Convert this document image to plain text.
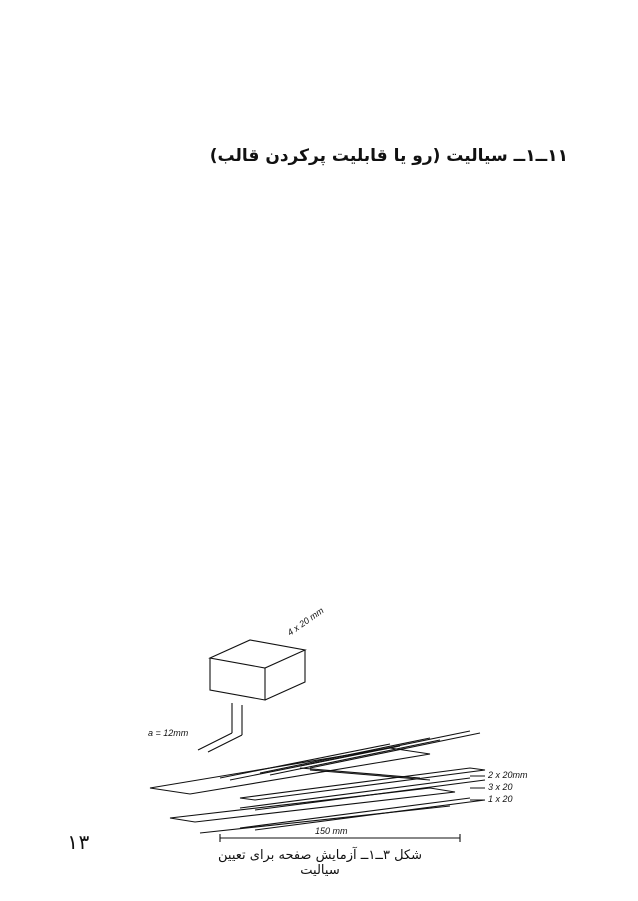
۱۱ــ۱ــ سیالیت (رو یا قابلیت پرکردن قالب)

4 x 20 mm
a = 12mm
2 x 20mm
3 x 20
1 x 20
150 mm
شکل ۳ــ۱ــ آزمایش صفحه برای تعیین سیالیت
۱۳
